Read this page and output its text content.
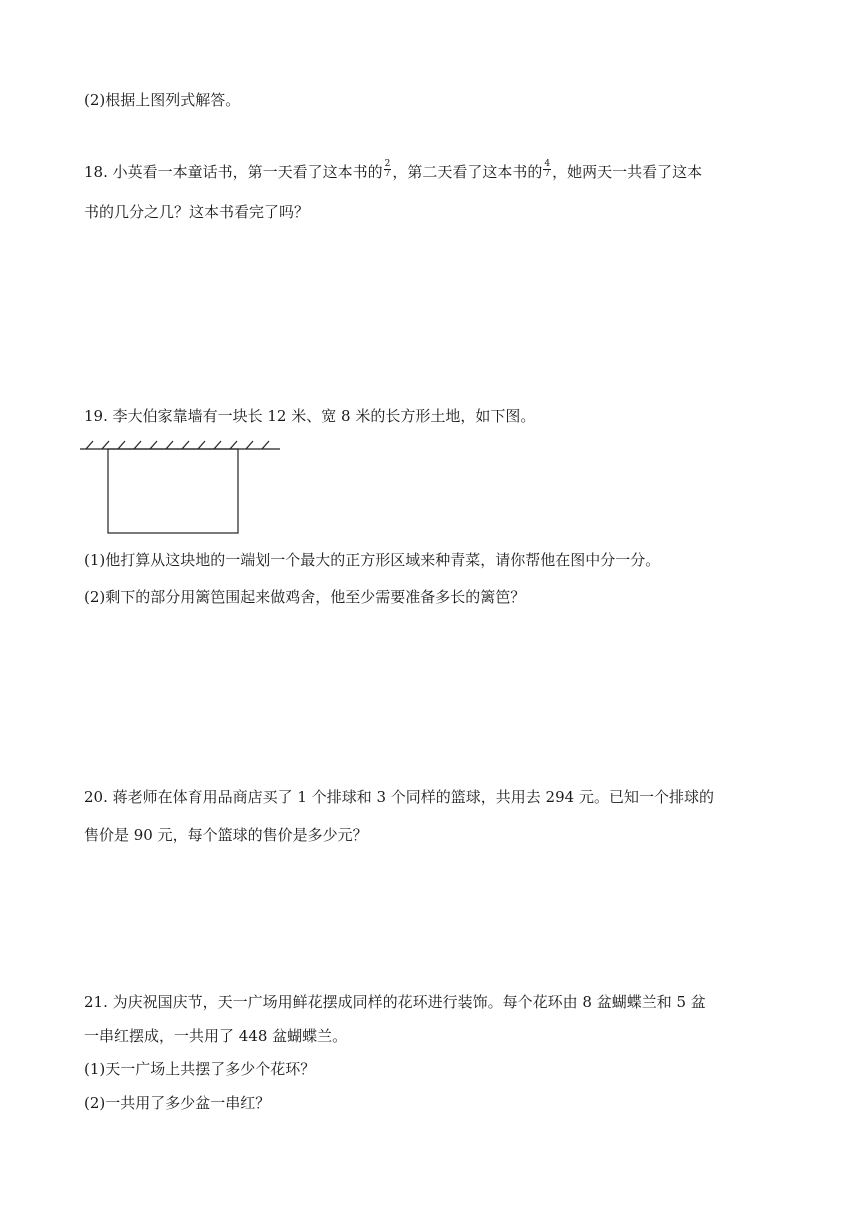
(2)根据上图列式解答。
18. 小英看一本童话书，第一天看了这本书的 $\frac{2}{7}$ ，第二天看了这本书的 $\frac{4}{7}$ ，她两天一共看了这本
书的几分之几？这本书看完了吗？
19. 李大伯家靠墙有一块长 12 米、宽 8 米的长方形土地，如下图。
(1)他打算从这块地的一端划一个最大的正方形区域来种青菜，请你帮他在图中分一分。
(2)剩下的部分用篱笆围起来做鸡舍，他至少需要准备多长的篱笆？
20. 蒋老师在体育用品商店买了 1 个排球和 3 个同样的篮球，共用去 294 元。已知一个排球的
售价是 90 元，每个篮球的售价是多少元？
21. 为庆祝国庆节，天一广场用鲜花摆成同样的花环进行装饰。每个花环由 8 盆蝴蝶兰和 5 盆
一串红摆成，一共用了 448 盆蝴蝶兰。
(1)天一广场上共摆了多少个花环？
(2)一共用了多少盆一串红？
